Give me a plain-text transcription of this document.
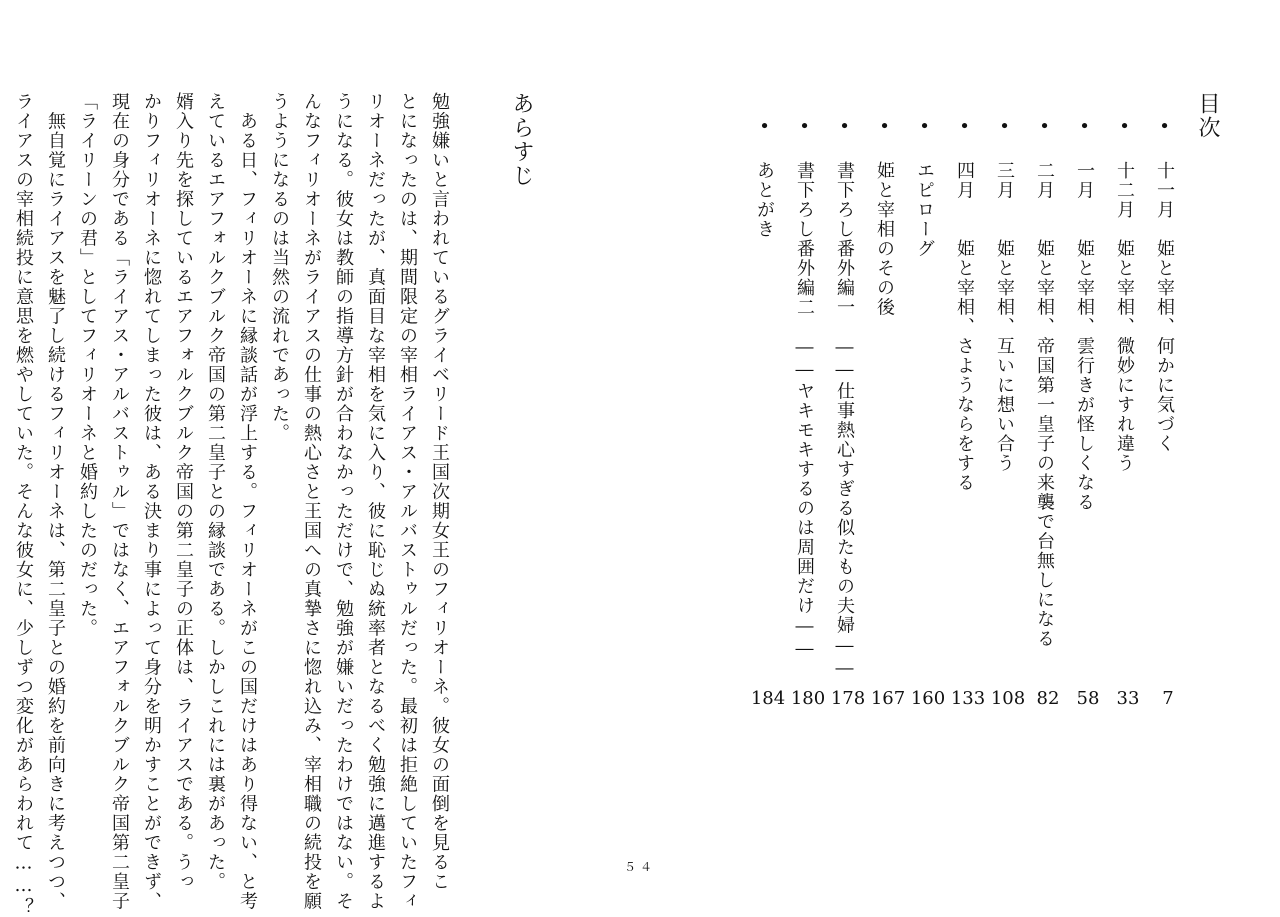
目次
• 十一月　姫と宰相、何かに気づく
• 十二月　姫と宰相、微妙にすれ違う
• 一月　　姫と宰相、雲行きが怪しくなる
• 二月　　姫と宰相、帝国第一皇子の来襲で台無しになる
• 三月　　姫と宰相、互いに想い合う
• 四月　　姫と宰相、さようならをする
• エピローグ
• 姫と宰相のその後
• 書下ろし番外編一　――仕事熱心すぎる似たもの夫婦――
• 書下ろし番外編二　――ヤキモキするのは周囲だけ――
• あとがき
7
33
58
82
108
133
160
167
178
180
184
あらすじ
勉強嫌いと言われているグライベリード王国次期女王のフィリオーネ。彼女の面倒を見るこ
とになったのは、期間限定の宰相ライアス・アルバストゥルだった。最初は拒絶していたフィ
リオーネだったが、真面目な宰相を気に入り、彼に恥じぬ統率者となるべく勉強に邁進するよ
うになる。彼女は教師の指導方針が合わなかっただけで、勉強が嫌いだったわけではない。そ
んなフィリオーネがライアスの仕事の熱心さと王国への真摯さに惚れ込み、宰相職の続投を願
うようになるのは当然の流れであった。
　ある日、フィリオーネに縁談話が浮上する。フィリオーネがこの国だけはあり得ない、と考
えているエアフォルクブルク帝国の第二皇子との縁談である。しかしこれには裏があった。
婿入り先を探しているエアフォルクブルク帝国の第二皇子の正体は、ライアスである。うっ
かりフィリオーネに惚れてしまった彼は、ある決まり事によって身分を明かすことができず、
現在の身分である「ライアス・アルバストゥル」ではなく、エアフォルクブルク帝国第二皇子
「ライリーンの君」としてフィリオーネと婚約したのだった。
　無自覚にライアスを魅了し続けるフィリオーネは、第二皇子との婚約を前向きに考えつつ、
ライアスの宰相続投に意思を燃やしていた。そんな彼女に、少しずつ変化があらわれて……？	５４
